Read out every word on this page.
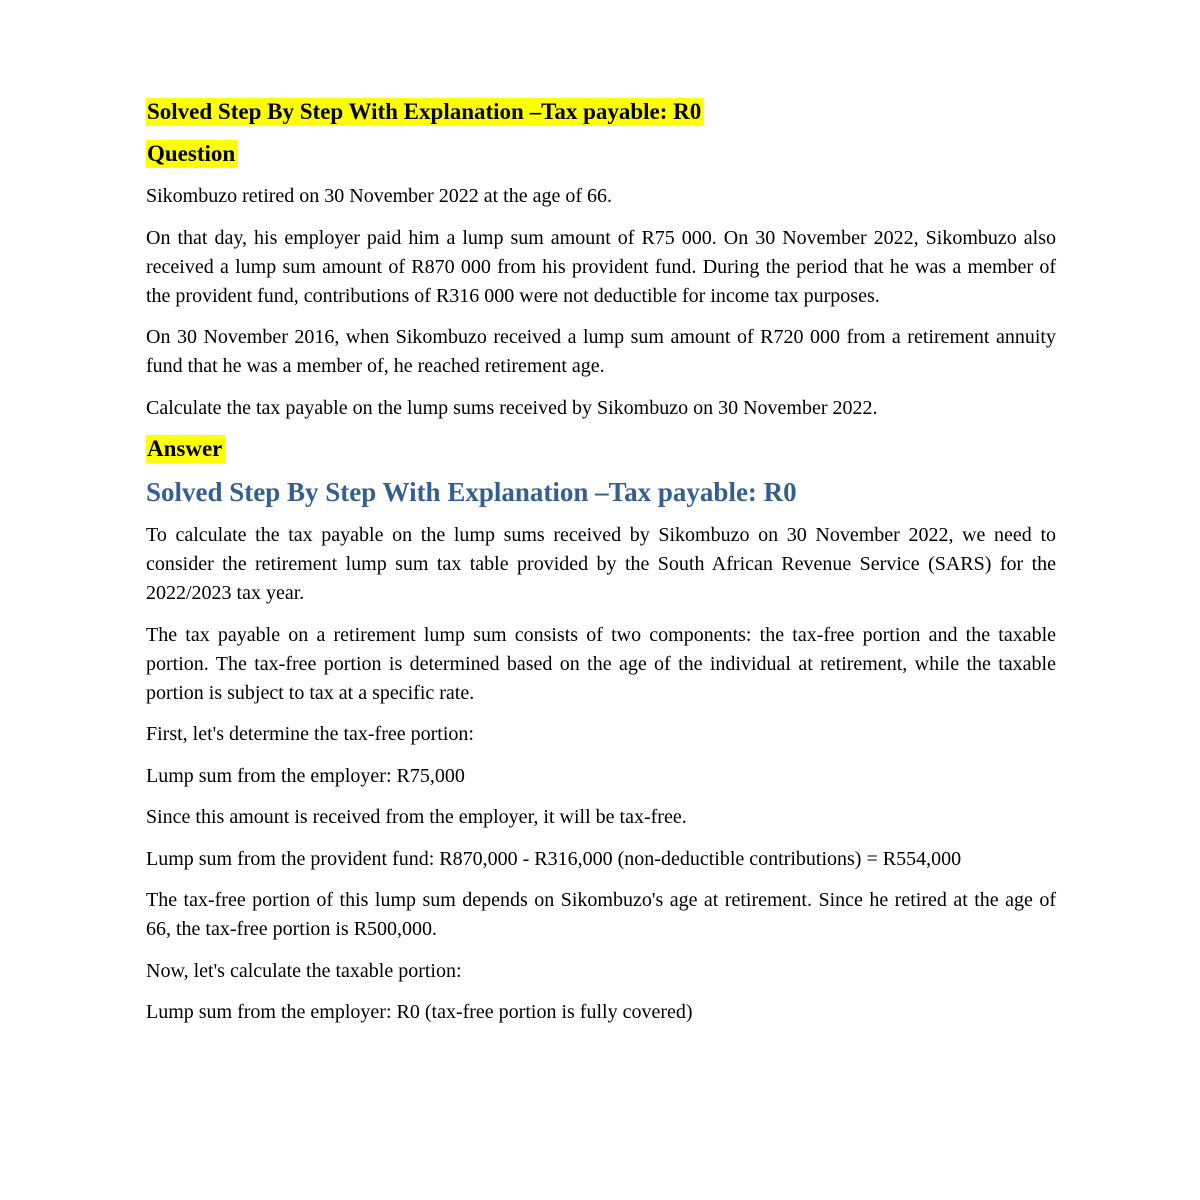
Solved Step By Step With Explanation –Tax payable: R0

Question

Sikombuzo retired on 30 November 2022 at the age of 66.

On that day, his employer paid him a lump sum amount of R75 000. On 30 November 2022, Sikombuzo also received a lump sum amount of R870 000 from his provident fund. During the period that he was a member of the provident fund, contributions of R316 000 were not deductible for income tax purposes.

On 30 November 2016, when Sikombuzo received a lump sum amount of R720 000 from a retirement annuity fund that he was a member of, he reached retirement age.

Calculate the tax payable on the lump sums received by Sikombuzo on 30 November 2022.

Answer

Solved Step By Step With Explanation –Tax payable: R0

To calculate the tax payable on the lump sums received by Sikombuzo on 30 November 2022, we need to consider the retirement lump sum tax table provided by the South African Revenue Service (SARS) for the 2022/2023 tax year.

The tax payable on a retirement lump sum consists of two components: the tax-free portion and the taxable portion. The tax-free portion is determined based on the age of the individual at retirement, while the taxable portion is subject to tax at a specific rate.

First, let's determine the tax-free portion:

Lump sum from the employer: R75,000

Since this amount is received from the employer, it will be tax-free.

Lump sum from the provident fund: R870,000 - R316,000 (non-deductible contributions) = R554,000

The tax-free portion of this lump sum depends on Sikombuzo's age at retirement. Since he retired at the age of 66, the tax-free portion is R500,000.

Now, let's calculate the taxable portion:

Lump sum from the employer: R0 (tax-free portion is fully covered)
